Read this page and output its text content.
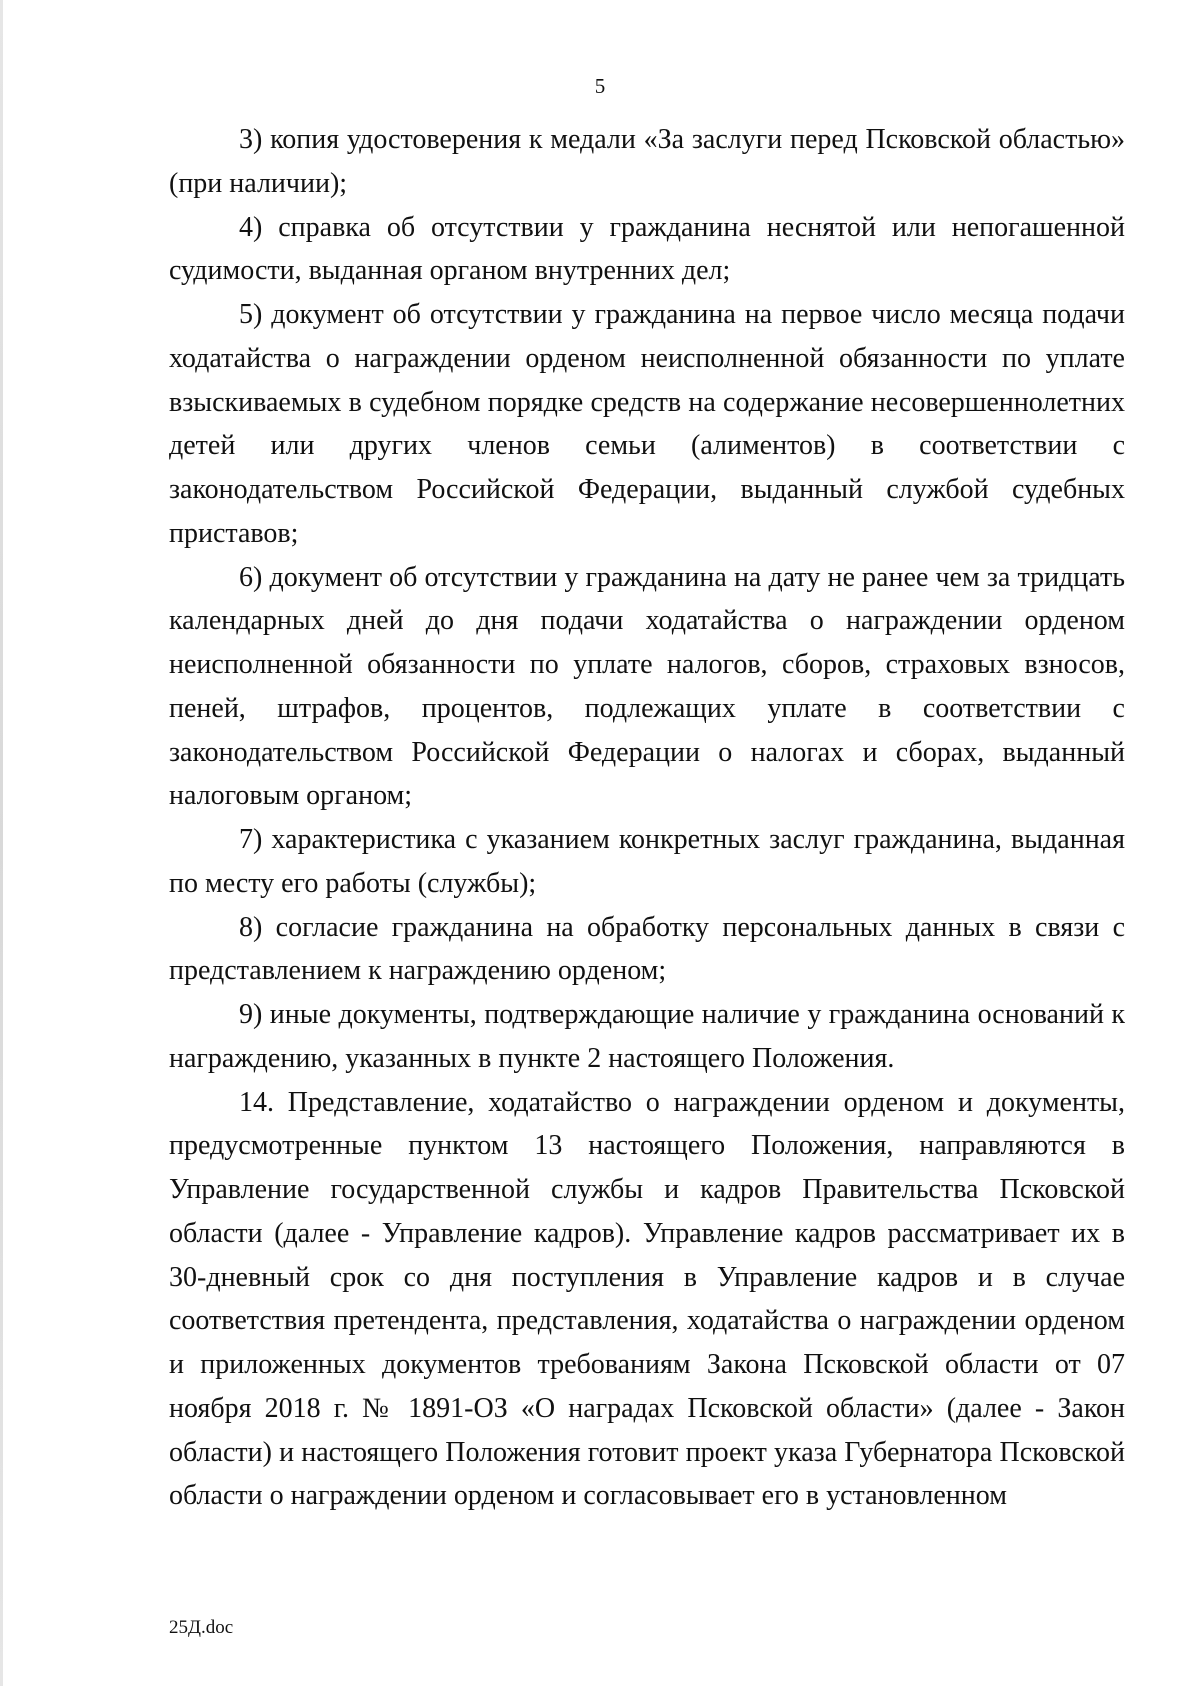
5

3) копия удостоверения к медали «За заслуги перед Псковской областью» (при наличии);

4) справка об отсутствии у гражданина неснятой или непогашенной судимости, выданная органом внутренних дел;

5) документ об отсутствии у гражданина на первое число месяца подачи ходатайства о награждении орденом неисполненной обязанности по уплате взыскиваемых в судебном порядке средств на содержание несовершеннолетних детей или других членов семьи (алиментов) в соответствии с законодательством Российской Федерации, выданный службой судебных приставов;

6) документ об отсутствии у гражданина на дату не ранее чем за тридцать календарных дней до дня подачи ходатайства о награждении орденом неисполненной обязанности по уплате налогов, сборов, страховых взносов, пеней, штрафов, процентов, подлежащих уплате в соответствии с законодательством Российской Федерации о налогах и сборах, выданный налоговым органом;

7) характеристика с указанием конкретных заслуг гражданина, выданная по месту его работы (службы);

8) согласие гражданина на обработку персональных данных в связи с представлением к награждению орденом;

9) иные документы, подтверждающие наличие у гражданина оснований к награждению, указанных в пункте 2 настоящего Положения.

14. Представление, ходатайство о награждении орденом и документы, предусмотренные пунктом 13 настоящего Положения, направляются в Управление государственной службы и кадров Правительства Псковской области (далее - Управление кадров). Управление кадров рассматривает их в 30-дневный срок со дня поступления в Управление кадров и в случае соответствия претендента, представления, ходатайства о награждении орденом и приложенных документов требованиям Закона Псковской области от 07 ноября 2018 г. № 1891-ОЗ «О наградах Псковской области» (далее - Закон области) и настоящего Положения готовит проект указа Губернатора Псковской области о награждении орденом и согласовывает его в установленном

25Д.doc
